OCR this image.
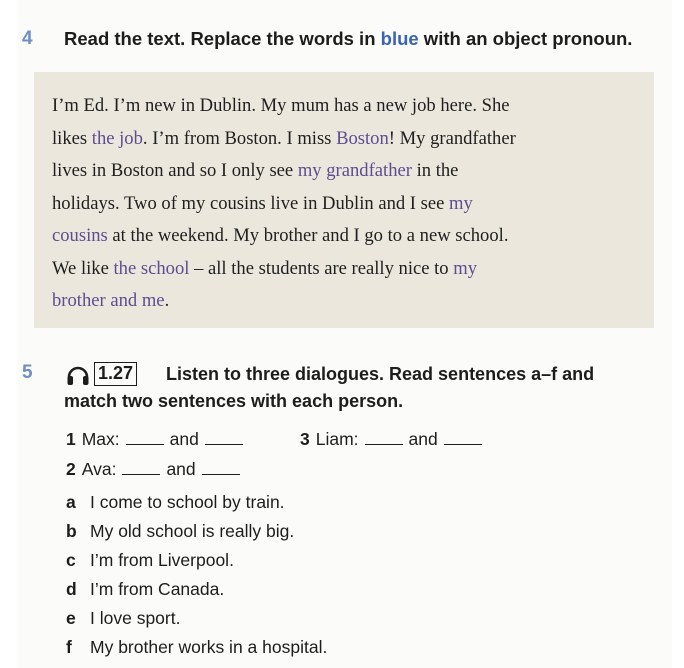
4 Read the text. Replace the words in blue with an object pronoun.

I’m Ed. I’m new in Dublin. My mum has a new job here. She
likes the job. I’m from Boston. I miss Boston! My grandfather
lives in Boston and so I only see my grandfather in the
holidays. Two of my cousins live in Dublin and I see my
cousins at the weekend. My brother and I go to a new school.
We like the school – all the students are really nice to my
brother and me.

5	1.27 Listen to three dialogues. Read sentences a–f and
match two sentences with each person.
1 Max:	and	3 Liam:	and
2 Ava:	and
a I come to school by train.
b My old school is really big.
c I’m from Liverpool.
d I’m from Canada.
e I love sport.
f My brother works in a hospital.
